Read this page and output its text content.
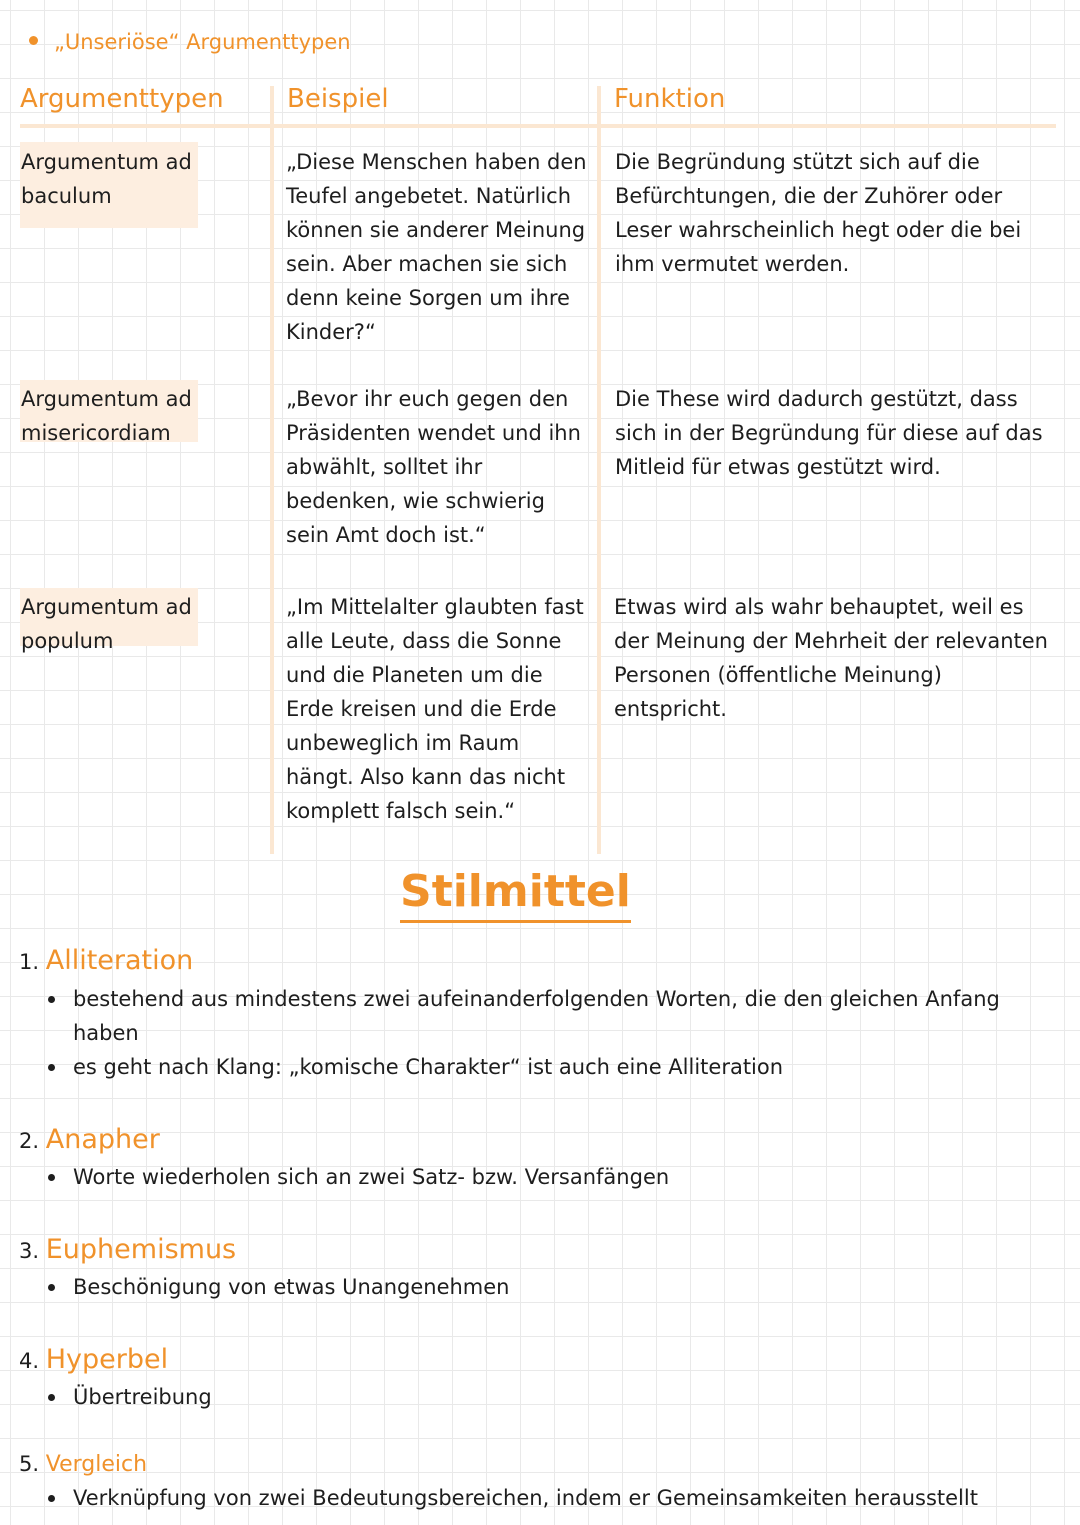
„Unseriöse“ Argumenttypen
Argumenttypen Beispiel	Funktion
Argumentum ad baculum
„Diese Menschen haben den Teufel angebetet. Natürlich können sie anderer Meinung sein. Aber machen sie sich denn keine Sorgen um ihre Kinder?“
Die Begründung stützt sich auf die Befürchtungen, die der Zuhörer oder Leser wahrscheinlich hegt oder die bei ihm vermutet werden.
Argumentum ad misericordiam
„Bevor ihr euch gegen den Präsidenten wendet und ihn abwählt, solltet ihr bedenken, wie schwierig sein Amt doch ist.“
Die These wird dadurch gestützt, dass sich in der Begründung für diese auf das Mitleid für etwas gestützt wird.
Argumentum ad populum
„Im Mittelalter glaubten fast alle Leute, dass die Sonne und die Planeten um die Erde kreisen und die Erde unbeweglich im Raum hängt. Also kann das nicht komplett falsch sein.“
Etwas wird als wahr behauptet, weil es der Meinung der Mehrheit der relevanten Personen (öffentliche Meinung) entspricht.
Stilmittel
1. Alliteration
bestehend aus mindestens zwei aufeinanderfolgenden Worten, die den gleichen Anfang haben
es geht nach Klang: „komische Charakter“ ist auch eine Alliteration
2. Anapher
Worte wiederholen sich an zwei Satz- bzw. Versanfängen
3. Euphemismus
Beschönigung von etwas Unangenehmen
4. Hyperbel
Übertreibung
5. Vergleich
Verknüpfung von zwei Bedeutungsbereichen, indem er Gemeinsamkeiten herausstellt
